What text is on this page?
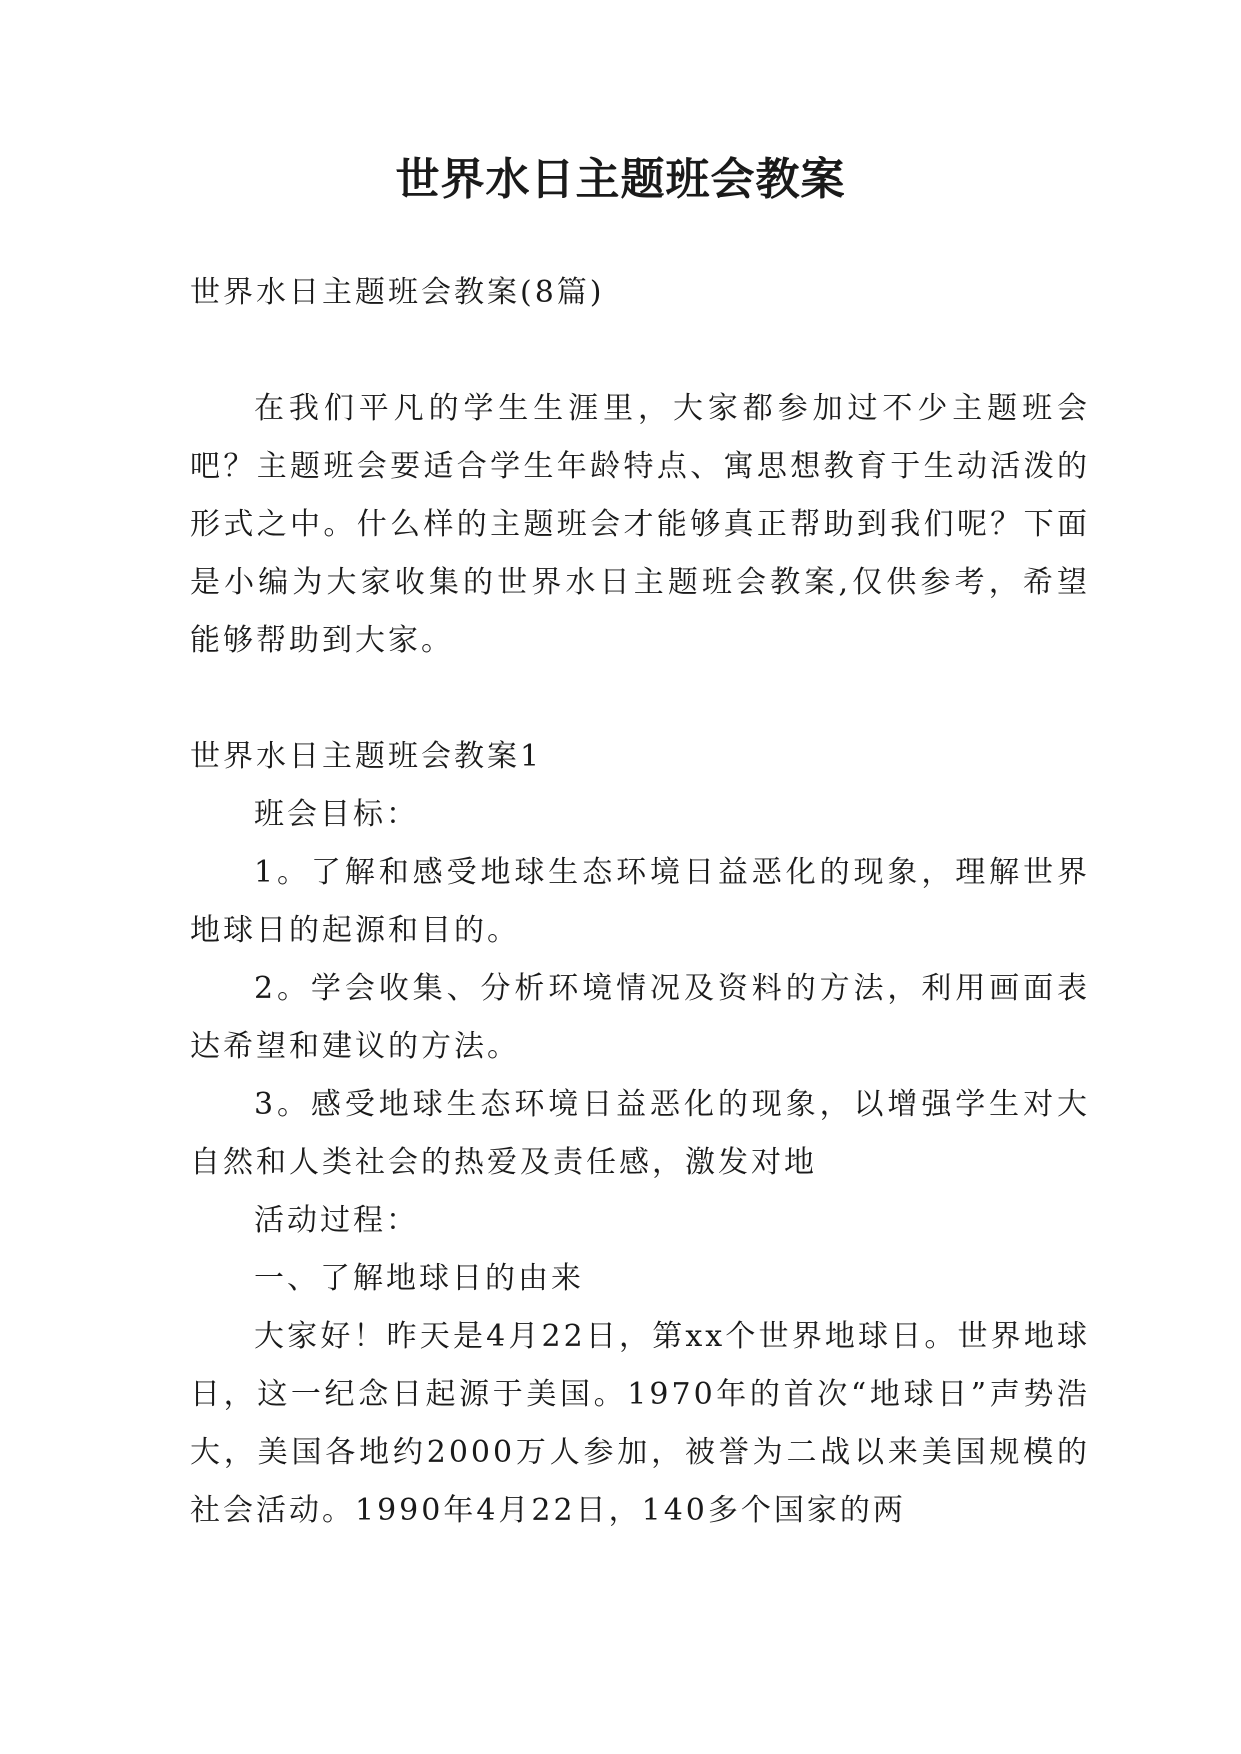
世界水日主题班会教案

世界水日主题班会教案(8篇)

在我们平凡的学生生涯里，大家都参加过不少主题班会吧？主题班会要适合学生年龄特点、寓思想教育于生动活泼的形式之中。什么样的主题班会才能够真正帮助到我们呢？下面是小编为大家收集的世界水日主题班会教案,仅供参考，希望能够帮助到大家。

世界水日主题班会教案1

班会目标：

1。了解和感受地球生态环境日益恶化的现象，理解世界地球日的起源和目的。

2。学会收集、分析环境情况及资料的方法，利用画面表达希望和建议的方法。

3。感受地球生态环境日益恶化的现象，以增强学生对大自然和人类社会的热爱及责任感，激发对地

活动过程：

一、了解地球日的由来

大家好！昨天是4月22日，第xx个世界地球日。世界地球日，这一纪念日起源于美国。1970年的首次“地球日”声势浩大，美国各地约2000万人参加，被誉为二战以来美国规模的社会活动。1990年4月22日，140多个国家的两
